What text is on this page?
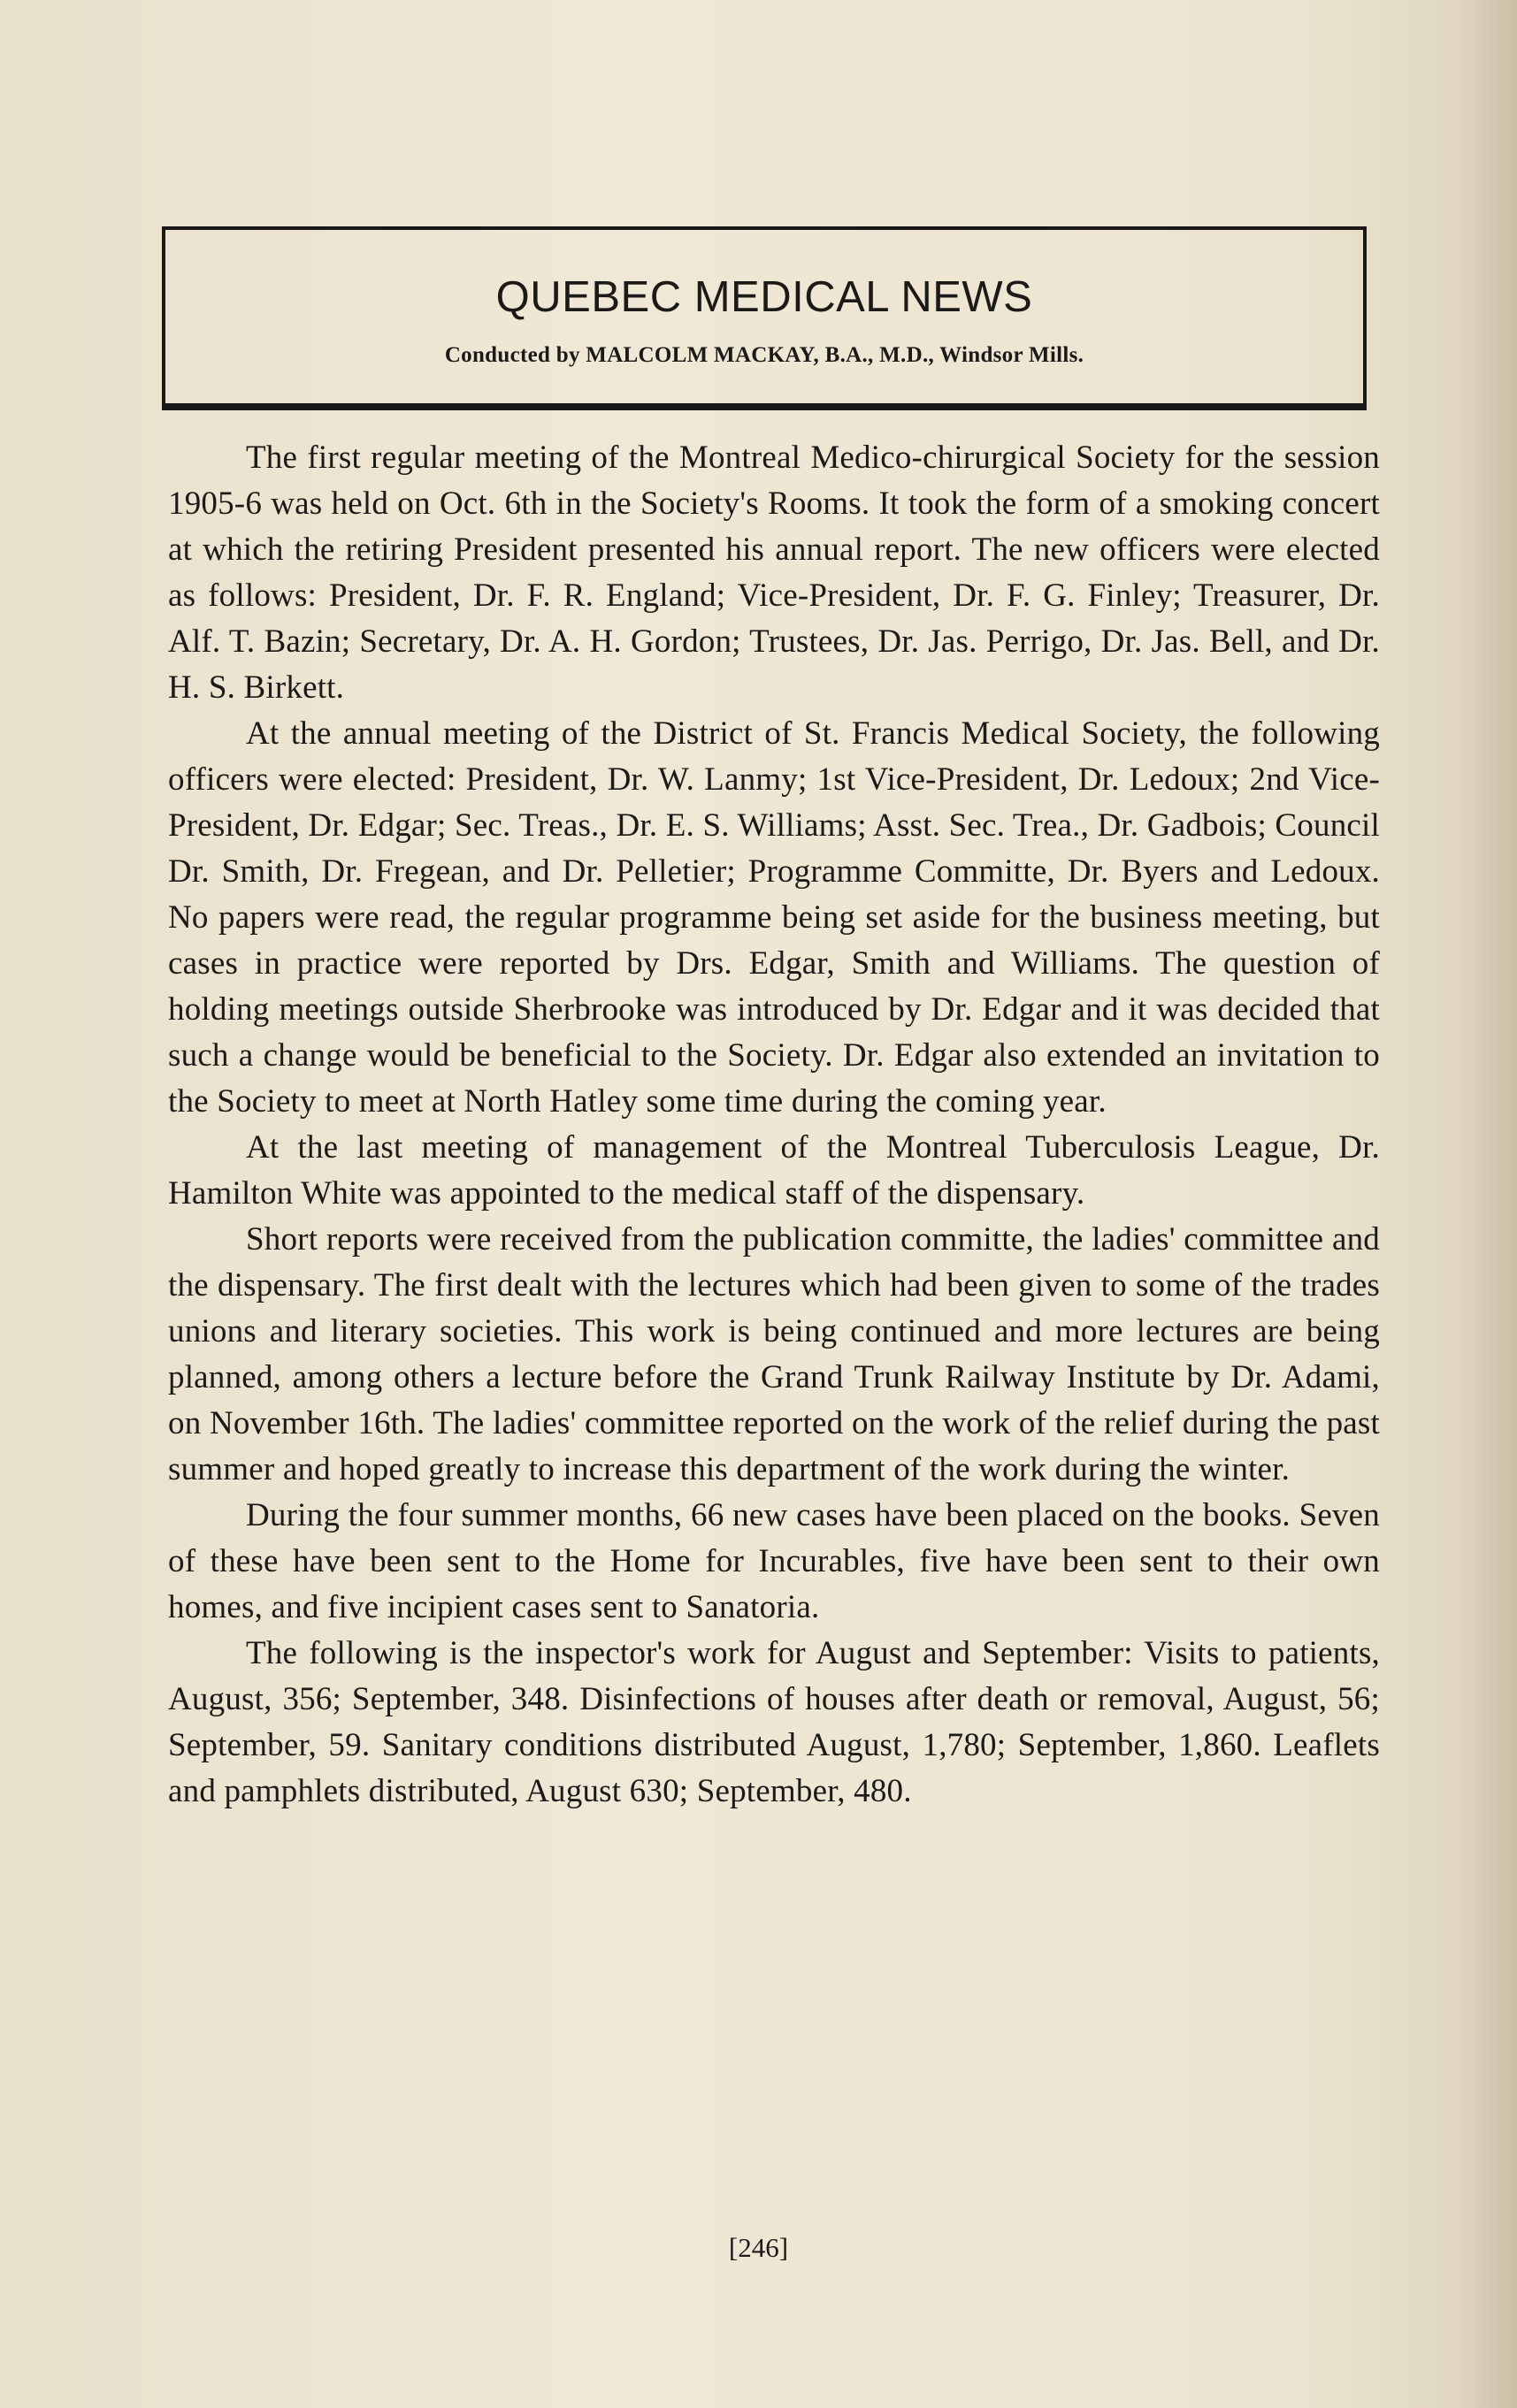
QUEBEC MEDICAL NEWS
Conducted by MALCOLM MACKAY, B.A., M.D., Windsor Mills.

The first regular meeting of the Montreal Medico-chirurgical Society for the session 1905-6 was held on Oct. 6th in the Society's Rooms. It took the form of a smoking concert at which the retiring President presented his annual report. The new officers were elected as follows: President, Dr. F. R. England; Vice-President, Dr. F. G. Finley; Treasurer, Dr. Alf. T. Bazin; Secretary, Dr. A. H. Gordon; Trustees, Dr. Jas. Perrigo, Dr. Jas. Bell, and Dr. H. S. Birkett.

At the annual meeting of the District of St. Francis Medical Society, the following officers were elected: President, Dr. W. Lanmy; 1st Vice-President, Dr. Ledoux; 2nd Vice-President, Dr. Edgar; Sec. Treas., Dr. E. S. Williams; Asst. Sec. Trea., Dr. Gadbois; Council Dr. Smith, Dr. Fregean, and Dr. Pelletier; Programme Committe, Dr. Byers and Ledoux. No papers were read, the regular programme being set aside for the business meeting, but cases in practice were reported by Drs. Edgar, Smith and Williams. The question of holding meetings outside Sherbrooke was introduced by Dr. Edgar and it was decided that such a change would be beneficial to the Society. Dr. Edgar also extended an invitation to the Society to meet at North Hatley some time during the coming year.

At the last meeting of management of the Montreal Tuberculosis League, Dr. Hamilton White was appointed to the medical staff of the dispensary.

Short reports were received from the publication committe, the ladies' committee and the dispensary. The first dealt with the lectures which had been given to some of the trades unions and literary societies. This work is being continued and more lectures are being planned, among others a lecture before the Grand Trunk Railway Institute by Dr. Adami, on November 16th. The ladies' committee reported on the work of the relief during the past summer and hoped greatly to increase this department of the work during the winter.

During the four summer months, 66 new cases have been placed on the books. Seven of these have been sent to the Home for Incurables, five have been sent to their own homes, and five incipient cases sent to Sanatoria.

The following is the inspector's work for August and September: Visits to patients, August, 356; September, 348. Disinfections of houses after death or removal, August, 56; September, 59. Sanitary conditions distributed August, 1,780; September, 1,860. Leaflets and pamphlets distributed, August 630; September, 480.

[246]
